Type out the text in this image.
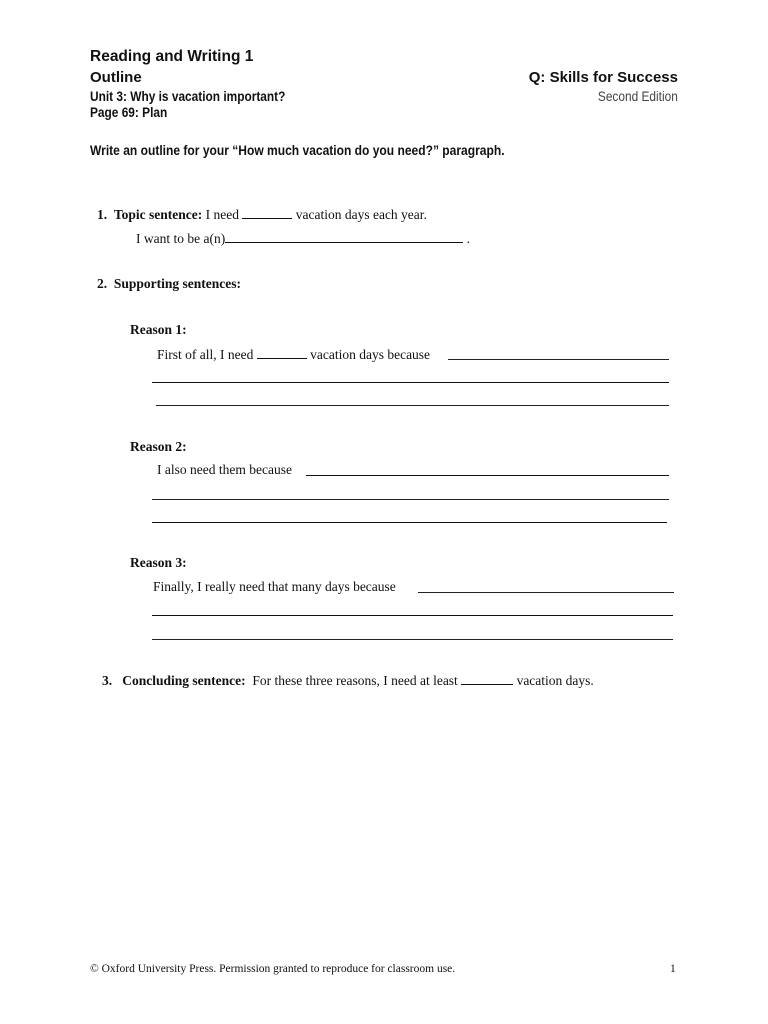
Reading and Writing 1
Outline
Unit 3: Why is vacation important?
Page 69: Plan
Q: Skills for Success
Second Edition
Write an outline for your “How much vacation do you need?” paragraph.
1. Topic sentence: I need	vacation days each year.
I want to be a(n)	.
2. Supporting sentences:
Reason 1:
First of all, I need	vacation days because
Reason 2:
I also need them because
Reason 3:
Finally, I really need that many days because
3. Concluding sentence: For these three reasons, I need at least	vacation days.
© Oxford University Press. Permission granted to reproduce for classroom use.	1
